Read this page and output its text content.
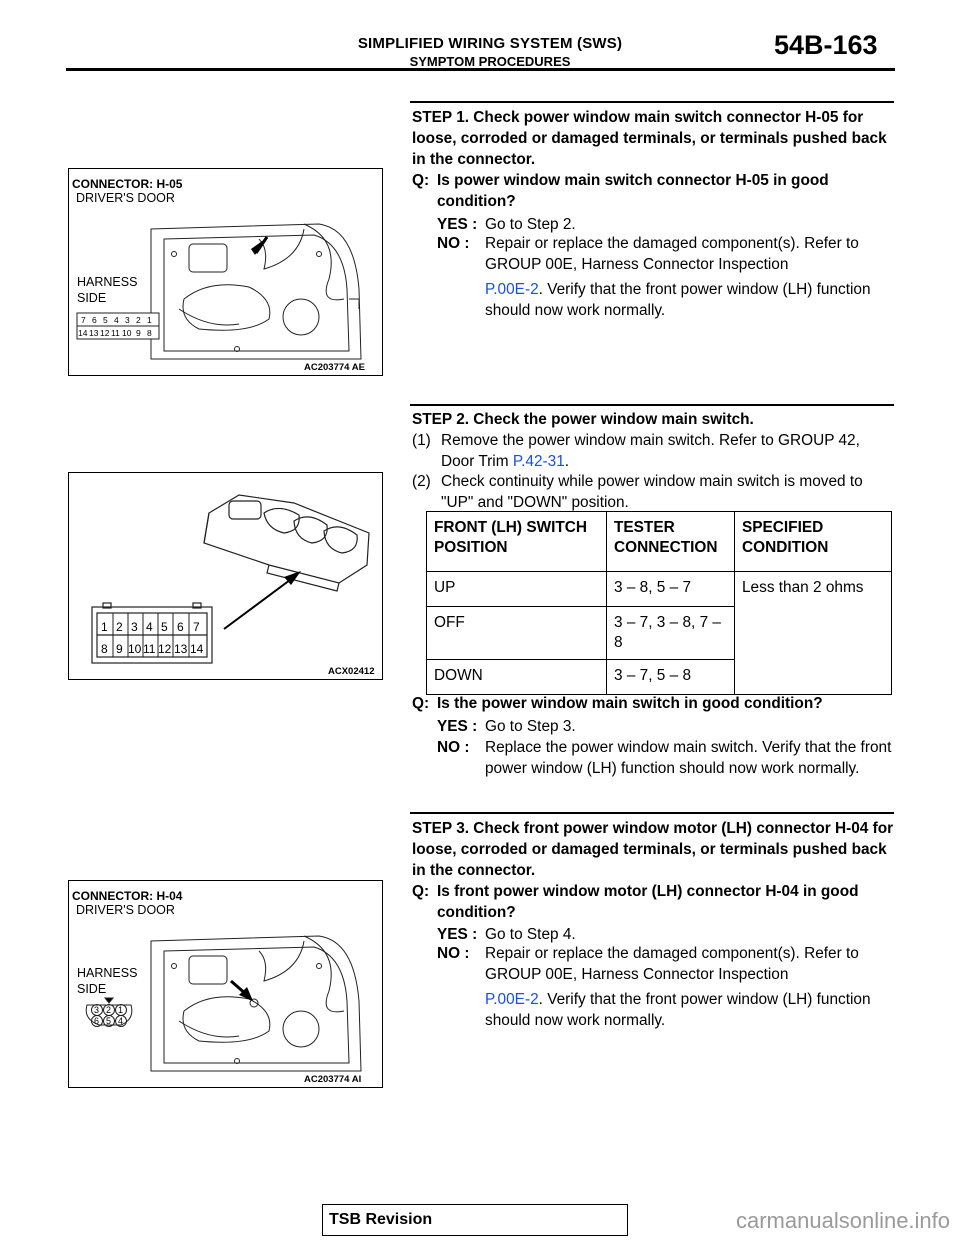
SIMPLIFIED WIRING SYSTEM (SWS)
SYMPTOM PROCEDURES
54B-163
STEP 1. Check power window main switch connector H-05 for loose, corroded or damaged terminals, or terminals pushed back in the connector.
Q: Is power window main switch connector H-05 in good condition?
YES : Go to Step 2.
NO : Repair or replace the damaged component(s). Refer to GROUP 00E, Harness Connector Inspection
P.00E-2. Verify that the front power window (LH) function should now work normally.
CONNECTOR: H-05
DRIVER'S DOOR
HARNESS
SIDE
7 6 5 4 3 2 1
14 13 12 11 10 9 8
AC203774 AE
STEP 2. Check the power window main switch.
(1) Remove the power window main switch. Refer to GROUP 42, Door Trim P.42-31.
(2) Check continuity while power window main switch is moved to "UP" and "DOWN" position.
FRONT (LH) SWITCH POSITION	TESTER CONNECTION	SPECIFIED CONDITION
UP	3 – 8, 5 – 7	Less than 2 ohms
OFF	3 – 7, 3 – 8, 7 – 8	
DOWN	3 – 7, 5 – 8	
Q: Is the power window main switch in good condition?
YES : Go to Step 3.
NO : Replace the power window main switch. Verify that the front power window (LH) function should now work normally.
1 2 3 4 5 6 7
8 9 10 11 12 13 14
ACX02412
STEP 3. Check front power window motor (LH) connector H-04 for loose, corroded or damaged terminals, or terminals pushed back in the connector.
Q: Is front power window motor (LH) connector H-04 in good condition?
YES : Go to Step 4.
NO : Repair or replace the damaged component(s). Refer to GROUP 00E, Harness Connector Inspection
P.00E-2. Verify that the front power window (LH) function should now work normally.
CONNECTOR: H-04
DRIVER'S DOOR
HARNESS
SIDE
3 2 1
6 5 4
AC203774 AI
TSB Revision	carmanualsonline.info
